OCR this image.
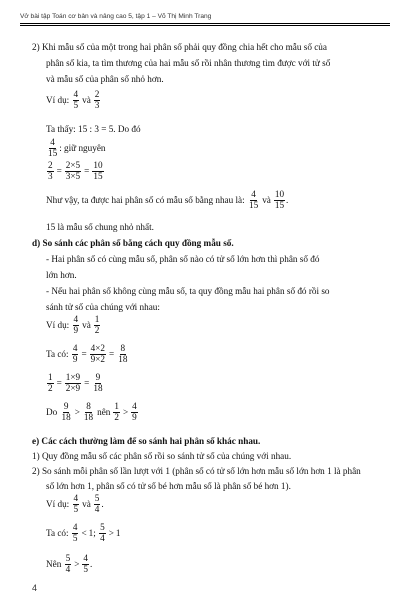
Vở bài tập Toán cơ bản và nâng cao 5, tập 1 – Võ Thị Minh Trang
2) Khi mẫu số của một trong hai phân số phải quy đồng chia hết cho mẫu số của
phân số kia, ta tìm thương của hai mẫu số rồi nhân thương tìm được với tử số
và mẫu số của phân số nhỏ hơn.
Ví dụ:

4
5 và
2
3
Ta thấy: 15 : 3 = 5. Do đó
4
15 : giữ nguyên
$\frac{2}{3} = \frac{2\times 5}{3\times 5} = \frac{10}{15}$
Như vậy, ta được hai phân số có mẫu số bằng nhau là:

4
15 và
10
15 .
15 là mẫu số chung nhỏ nhất.
d) So sánh các phân số bằng cách quy đồng mẫu số.
- Hai phân số có cùng mẫu số, phân số nào có tử số lớn hơn thì phân số đó
lớn hơn.
- Nếu hai phân số không cùng mẫu số, ta quy đồng mẫu hai phân số đó rồi so
sánh tử số của chúng với nhau:
Ví dụ:

4
9 và
1
2
Ta có:
$\frac{4}{9} = \frac{4\times 2}{9\times 2} = \frac{8}{18}$
$\frac{1}{2} = \frac{1\times 9}{2\times 9} = \frac{9}{18}$
Do

9
18 >
8
18 nên
1
2 >
4
9
e) Các cách thường làm để so sánh hai phân số khác nhau.
1) Quy đồng mẫu số các phân số rồi so sánh tử số của chúng với nhau.
2) So sánh mỗi phân số lần lượt với 1 (phân số có tử số lớn hơn mẫu số lớn hơn 1 là phân
số lớn hơn 1, phân số có tử số bé hơn mẫu số là phân số bé hơn 1).
Ví dụ:

4
5 và
5
4 .
Ta có:

4
5 < 1;

5
4 > 1
Nên

5
4 >
4
5 .
4
